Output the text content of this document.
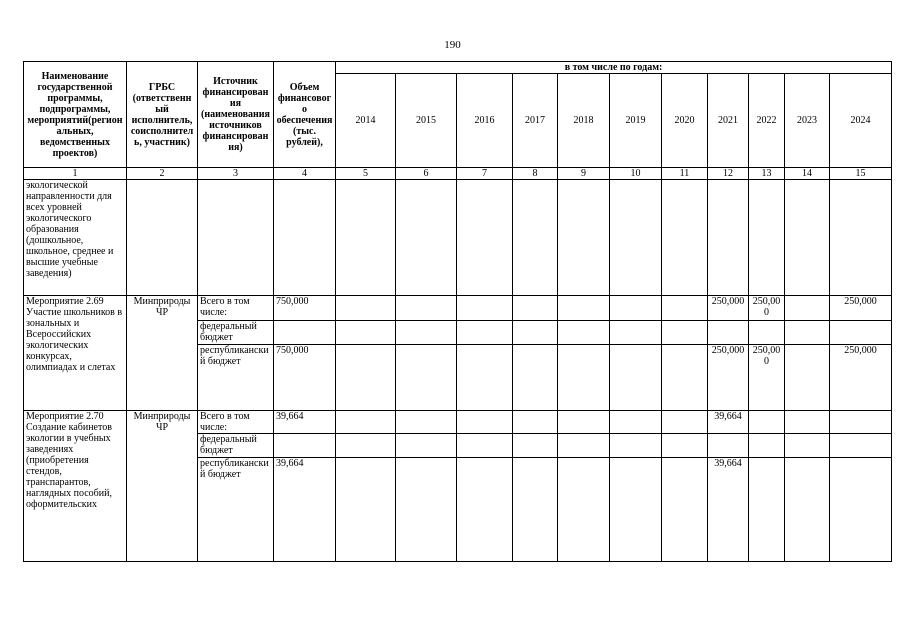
190
Наименование государственной программы, подпрограммы, мероприятий(региональных, ведомственных проектов)	ГРБС (ответственный исполнитель, соисполнитель, участник)	Источник финансирования (наименования источников финансирования)	Объем финансового обеспечения (тыс. рублей),	в том числе по годам:										
				2014	2015	2016	2017	2018	2019	2020	2021	2022	2023	2024
1	2	3	4	5	6	7	8	9	10	11	12	13	14	15
экологической направленности для всех уровней экологического образования (дошкольное, школьное, среднее и высшие учебные заведения)														
Мероприятие 2.69 Участие школьников в зональных и Всероссийских экологических конкурсах, олимпиадах и слетах	Минприроды ЧР	Всего в том числе:	750,000								250,000	250,000		250,000
		федеральный бюджет												
		республиканский бюджет	750,000								250,000	250,000		250,000
Мероприятие 2.70 Создание кабинетов экологии в учебных заведениях (приобретения стендов, транспарантов, наглядных пособий, оформительских	Минприроды ЧР	Всего в том числе:	39,664								39,664			
		федеральный бюджет												
		республиканский бюджет	39,664								39,664			
